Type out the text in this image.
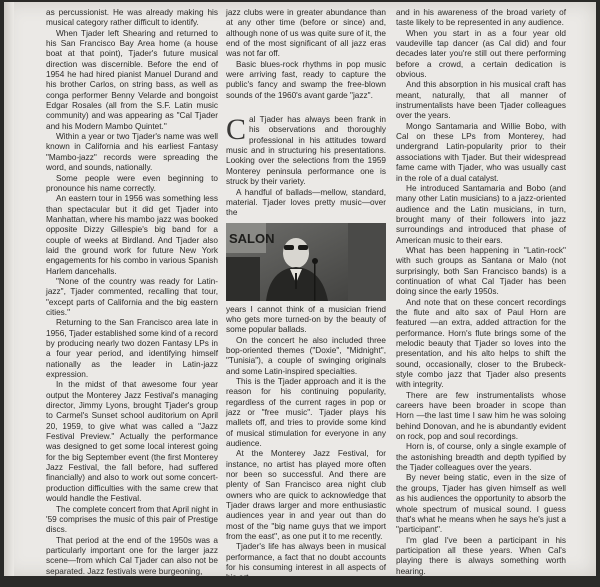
as percussionist. He was already making his musical category rather difficult to identify.

When Tjader left Shearing and returned to his San Francisco Bay Area home (a house boat at that point), Tjader's future musical direction was discernible. Before the end of 1954 he had hired pianist Manuel Durand and his brother Carlos, on string bass, as well as conga performer Benny Velarde and bongoist Edgar Rosales (all from the S.F. Latin music community) and was appearing as "Cal Tjader and his Modern Mambo Quintet."

Within a year or two Tjader's name was well known in California and his earliest Fantasy "Mambo-jazz" records were spreading the word, and sounds, nationally.

Some people were even beginning to pronounce his name correctly.

An eastern tour in 1956 was something less than spectacular but it did get Tjader into Manhattan, where his mambo jazz was booked opposite Dizzy Gillespie's big band for a couple of weeks at Birdland. And Tjader also laid the ground work for future New York engagements for his combo in various Spanish Harlem dancehalls.

"None of the country was ready for Latin-jazz", Tjader commented, recalling that tour, "except parts of California and the big eastern cities."

Returning to the San Francisco area late in 1956, Tjader established some kind of a record by producing nearly two dozen Fantasy LPs in a four year period, and identifying himself nationally as the leader in Latin-jazz expression.

In the midst of that awesome four year output the Monterey Jazz Festival's managing director, Jimmy Lyons, brought Tjader's group to Carmel's Sunset school auditorium on April 20, 1959, to give what was called a "Jazz Festival Preview." Actually the performance was designed to get some local interest going for the big September event (the first Monterey Jazz Festival, the fall before, had suffered financially) and also to work out some concert-production difficulties with the same crew that would handle the Festival.

The complete concert from that April night in '59 comprises the music of this pair of Prestige discs.

That period at the end of the 1950s was a particularly important one for the larger jazz scene—from which Cal Tjader can also not be separated. Jazz festivals were burgeoning,

jazz clubs were in greater abundance than at any other time (before or since) and, although none of us was quite sure of it, the end of the most significant of all jazz eras was not far off.

Basic blues-rock rhythms in pop music were arriving fast, ready to capture the public's fancy and swamp the free-blown sounds of the 1960's avant garde "jazz".

Cal Tjader has always been frank in his observations and thoroughly professional in his attitudes toward music and in structuring his presentations. Looking over the selections from the 1959 Monterey peninsula performance one is struck by their variety.

A handful of ballads—mellow, standard, material. Tjader loves pretty music—over the

SALON

years I cannot think of a musician friend who gets more turned-on by the beauty of some popular ballads.

On the concert he also included three bop-oriented themes ("Doxie", "Midnight", "Tunisia"), a couple of swinging originals and some Latin-inspired specialties.

This is the Tjader approach and it is the reason for his continuing popularity, regardless of the current rages in pop or jazz or "free music". Tjader plays his mallets off, and tries to provide some kind of musical stimulation for everyone in any audience.

At the Monterey Jazz Festival, for instance, no artist has played more often nor been so successful. And there are plenty of San Francisco area night club owners who are quick to acknowledge that Tjader draws larger and more enthusiastic audiences year in and year out than do most of the "big name guys that we import from the east", as one put it to me recently.

Tjader's life has always been in musical performance, a fact that no doubt accounts for his consuming interest in all aspects of his art—

and in his awareness of the broad variety of taste likely to be represented in any audience.

When you start in as a four year old vaudeville tap dancer (as Cal did) and four decades later you're still out there performing before a crowd, a certain dedication is obvious.

And this absorption in his musical craft has meant, naturally, that all manner of instrumentalists have been Tjader colleagues over the years.

Mongo Santamaria and Willie Bobo, with Cal on these LPs from Monterey, had undergrand Latin-popularity prior to their associations with Tjader. But their widespread fame came with Tjader, who was usually cast in the role of a dual catalyst.

He introduced Santamaria and Bobo (and many other Latin musicians) to a jazz-oriented audience and the Latin musicians, in turn, brought many of their followers into jazz surroundings and introduced that phase of American music to their ears.

What has been happening in "Latin-rock" with such groups as Santana or Malo (not surprisingly, both San Francisco bands) is a continuation of what Cal Tjader has been doing since the early 1950s.

And note that on these concert recordings the flute and alto sax of Paul Horn are featured —an extra, added attraction for the performance. Horn's flute brings some of the melodic beauty that Tjader so loves into the presentation, and his alto helps to shift the sound, occasionally, closer to the Brubeck-style combo jazz that Tjader also presents with integrity.

There are few instrumentalists whose careers have been broader in scope than Horn —the last time I saw him he was soloing behind Donovan, and he is abundantly evident on rock, pop and soul recordings.

Horn is, of course, only a single example of the astonishing breadth and depth typified by the Tjader colleagues over the years.

By never being static, even in the size of the groups, Tjader has given himself as well as his audiences the opportunity to absorb the whole spectrum of musical sound. I guess that's what he means when he says he's just a "participant".

I'm glad I've been a participant in his participation all these years. When Cal's playing there is always something worth hearing.

—Philip Elwood, S.F. Examiner
